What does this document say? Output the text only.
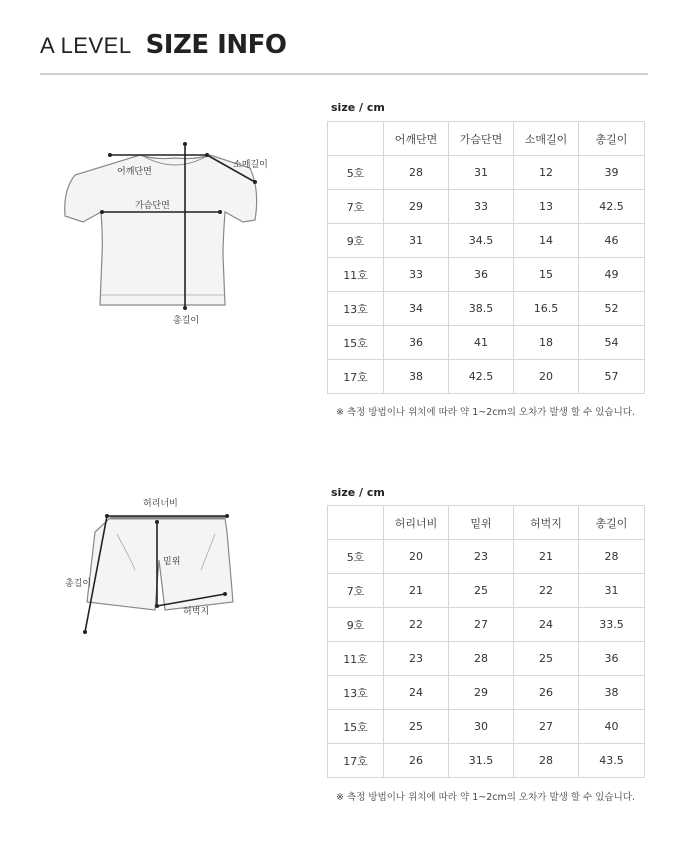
A LEVEL SIZE INFO
어깨단면
가슴단면
소매길이
총길이
size / cm
	어깨단면	가슴단면	소매길이	총길이
5호	28	31	12	39
7호	29	33	13	42.5
9호	31	34.5	14	46
11호	33	36	15	49
13호	34	38.5	16.5	52
15호	36	41	18	54
17호	38	42.5	20	57
※ 측정 방법이나 위치에 따라 약 1~2cm의 오차가 발생 할 수 있습니다.
허리너비
밑위
허벅지
총길이
size / cm
	허리너비	밑위	허벅지	총길이
5호	20	23	21	28
7호	21	25	22	31
9호	22	27	24	33.5
11호	23	28	25	36
13호	24	29	26	38
15호	25	30	27	40
17호	26	31.5	28	43.5
※ 측정 방법이나 위치에 따라 약 1~2cm의 오차가 발생 할 수 있습니다.
